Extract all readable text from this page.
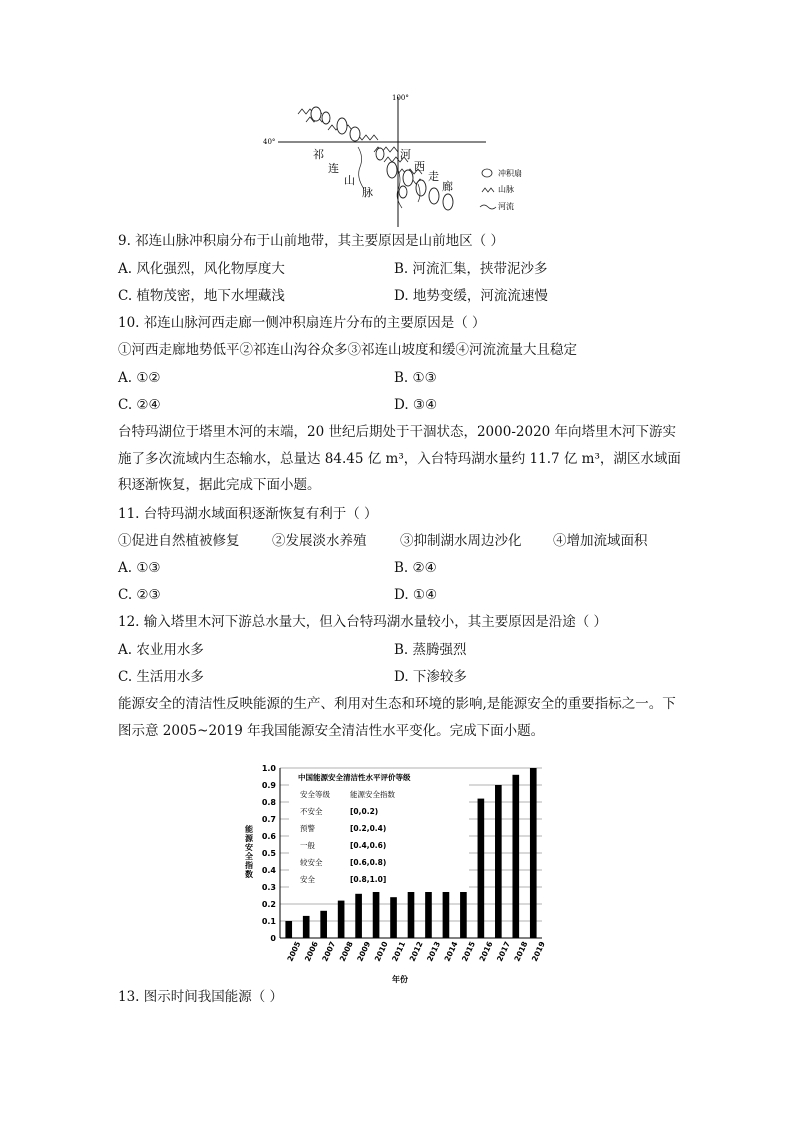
100°
40°
祁
连
山
脉
河
西
走
廊
冲积扇
山脉
河流
9. 祁连山脉冲积扇分布于山前地带，其主要原因是山前地区（ ）
A. 风化强烈，风化物厚度大	B. 河流汇集，挟带泥沙多
C. 植物茂密，地下水埋藏浅	D. 地势变缓，河流流速慢
10. 祁连山脉河西走廊一侧冲积扇连片分布的主要原因是（ ）
①河西走廊地势低平②祁连山沟谷众多③祁连山坡度和缓④河流流量大且稳定
A. ①②	B. ①③
C. ②④	D. ③④
台特玛湖位于塔里木河的末端，20 世纪后期处于干涸状态，2000-2020 年向塔里木河下游实施了多次流域内生态输水，总量达 84.45 亿 m³，入台特玛湖水量约 11.7 亿 m³，湖区水域面积逐渐恢复，据此完成下面小题。
11. 台特玛湖水域面积逐渐恢复有利于（ ）
①促进自然植被修复 ②发展淡水养殖 ③抑制湖水周边沙化 ④增加流域面积
A. ①③	B. ②④
C. ②③	D. ①④
12. 输入塔里木河下游总水量大，但入台特玛湖水量较小，其主要原因是沿途（ ）
A. 农业用水多	B. 蒸腾强烈
C. 生活用水多	D. 下渗较多
能源安全的清洁性反映能源的生产、利用对生态和环境的影响,是能源安全的重要指标之一。下图示意 2005~2019 年我国能源安全清洁性水平变化。完成下面小题。
0
0.1
0.2
0.3
0.4
0.5
0.6
0.7
0.8
0.9
1.0
2005 2006 2007 2008 2009 2010 2011 2012 2013 2014 2015 2016 2017 2018 2019
能
源
安
全
指
数
年份
中国能源安全清洁性水平评价等级
安全等级	能源安全指数
不安全	[0,0.2)
预警	[0.2,0.4)
一般	[0.4,0.6)
较安全	[0.6,0.8)
安全	[0.8,1.0]
13. 图示时间我国能源（ ）
